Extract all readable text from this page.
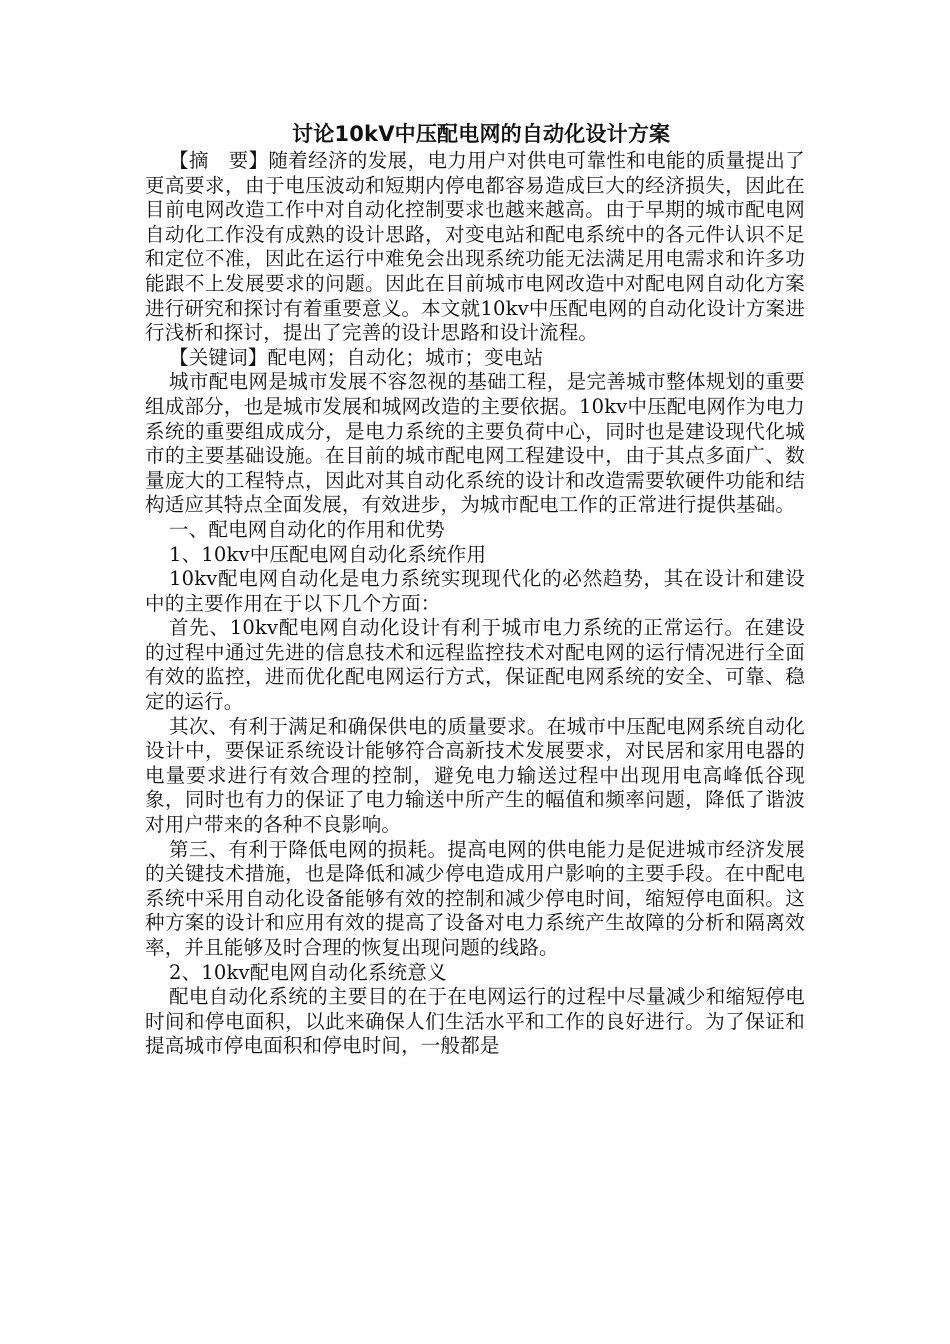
讨论10kV中压配电网的自动化设计方案

【摘　要】随着经济的发展，电力用户对供电可靠性和电能的质量提出了更高要求，由于电压波动和短期内停电都容易造成巨大的经济损失，因此在目前电网改造工作中对自动化控制要求也越来越高。由于早期的城市配电网自动化工作没有成熟的设计思路，对变电站和配电系统中的各元件认识不足和定位不准，因此在运行中难免会出现系统功能无法满足用电需求和许多功能跟不上发展要求的问题。因此在目前城市电网改造中对配电网自动化方案进行研究和探讨有着重要意义。本文就10kv中压配电网的自动化设计方案进行浅析和探讨，提出了完善的设计思路和设计流程。

【关键词】配电网；自动化；城市；变电站

城市配电网是城市发展不容忽视的基础工程，是完善城市整体规划的重要组成部分，也是城市发展和城网改造的主要依据。10kv中压配电网作为电力系统的重要组成成分，是电力系统的主要负荷中心，同时也是建设现代化城市的主要基础设施。在目前的城市配电网工程建设中，由于其点多面广、数量庞大的工程特点，因此对其自动化系统的设计和改造需要软硬件功能和结构适应其特点全面发展，有效进步，为城市配电工作的正常进行提供基础。

一、配电网自动化的作用和优势

1、10kv中压配电网自动化系统作用

10kv配电网自动化是电力系统实现现代化的必然趋势，其在设计和建设中的主要作用在于以下几个方面：

首先、10kv配电网自动化设计有利于城市电力系统的正常运行。在建设的过程中通过先进的信息技术和远程监控技术对配电网的运行情况进行全面有效的监控，进而优化配电网运行方式，保证配电网系统的安全、可靠、稳定的运行。

其次、有利于满足和确保供电的质量要求。在城市中压配电网系统自动化设计中，要保证系统设计能够符合高新技术发展要求，对民居和家用电器的电量要求进行有效合理的控制，避免电力输送过程中出现用电高峰低谷现象，同时也有力的保证了电力输送中所产生的幅值和频率问题，降低了谐波对用户带来的各种不良影响。

第三、有利于降低电网的损耗。提高电网的供电能力是促进城市经济发展的关键技术措施，也是降低和减少停电造成用户影响的主要手段。在中配电系统中采用自动化设备能够有效的控制和减少停电时间，缩短停电面积。这种方案的设计和应用有效的提高了设备对电力系统产生故障的分析和隔离效率，并且能够及时合理的恢复出现问题的线路。

2、10kv配电网自动化系统意义

配电自动化系统的主要目的在于在电网运行的过程中尽量减少和缩短停电时间和停电面积，以此来确保人们生活水平和工作的良好进行。为了保证和提高城市停电面积和停电时间，一般都是
